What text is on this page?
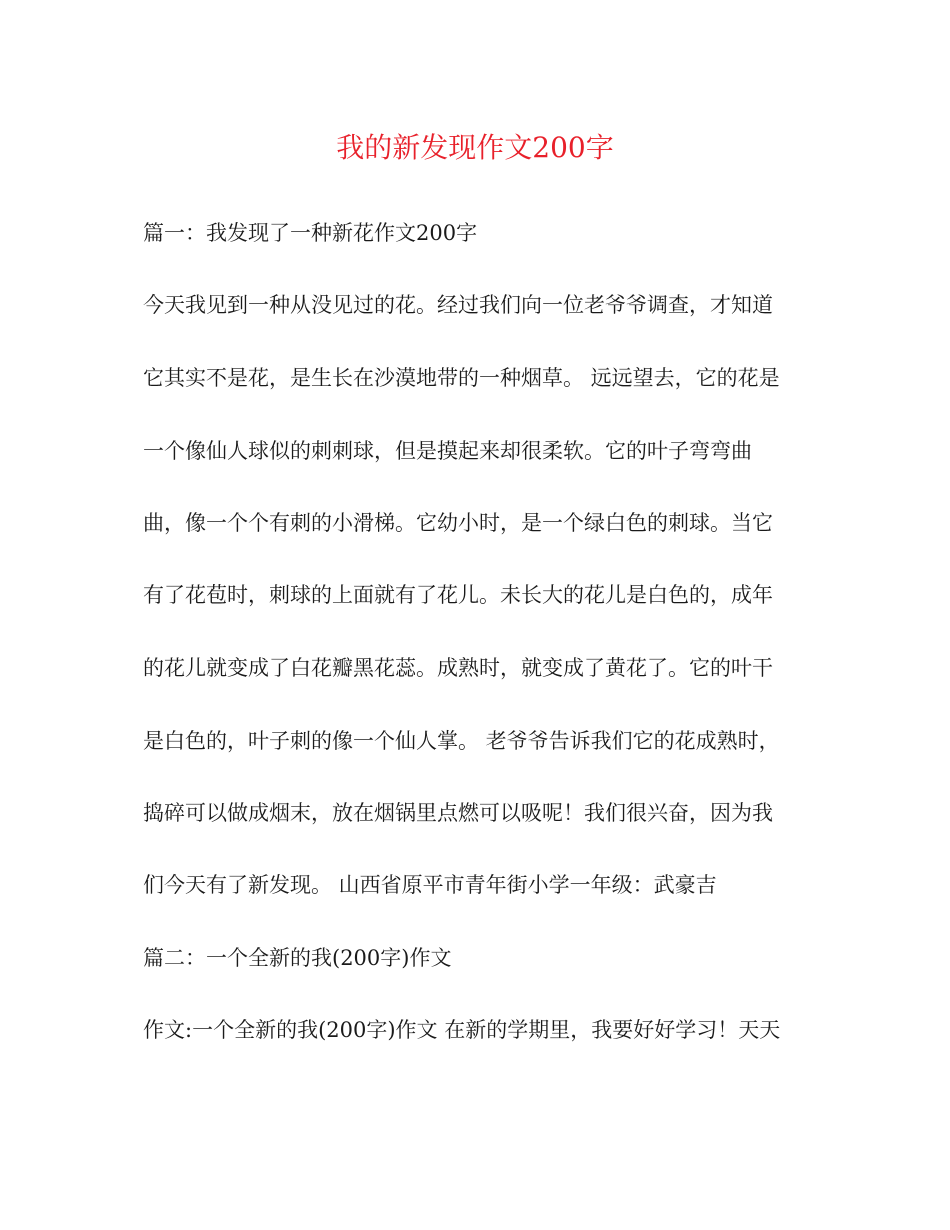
我的新发现作文200字

篇一：我发现了一种新花作文200字

今天我见到一种从没见过的花。经过我们向一位老爷爷调查，才知道

它其实不是花，是生长在沙漠地带的一种烟草。 远远望去，它的花是

一个像仙人球似的刺刺球，但是摸起来却很柔软。它的叶子弯弯曲

曲，像一个个有刺的小滑梯。它幼小时，是一个绿白色的刺球。当它

有了花苞时，刺球的上面就有了花儿。未长大的花儿是白色的，成年

的花儿就变成了白花瓣黑花蕊。成熟时，就变成了黄花了。它的叶干

是白色的，叶子刺的像一个仙人掌。 老爷爷告诉我们它的花成熟时，

捣碎可以做成烟末，放在烟锅里点燃可以吸呢！我们很兴奋，因为我

们今天有了新发现。 山西省原平市青年街小学一年级：武豪吉

篇二：一个全新的我(200字)作文

作文:一个全新的我(200字)作文 在新的学期里，我要好好学习！天天
